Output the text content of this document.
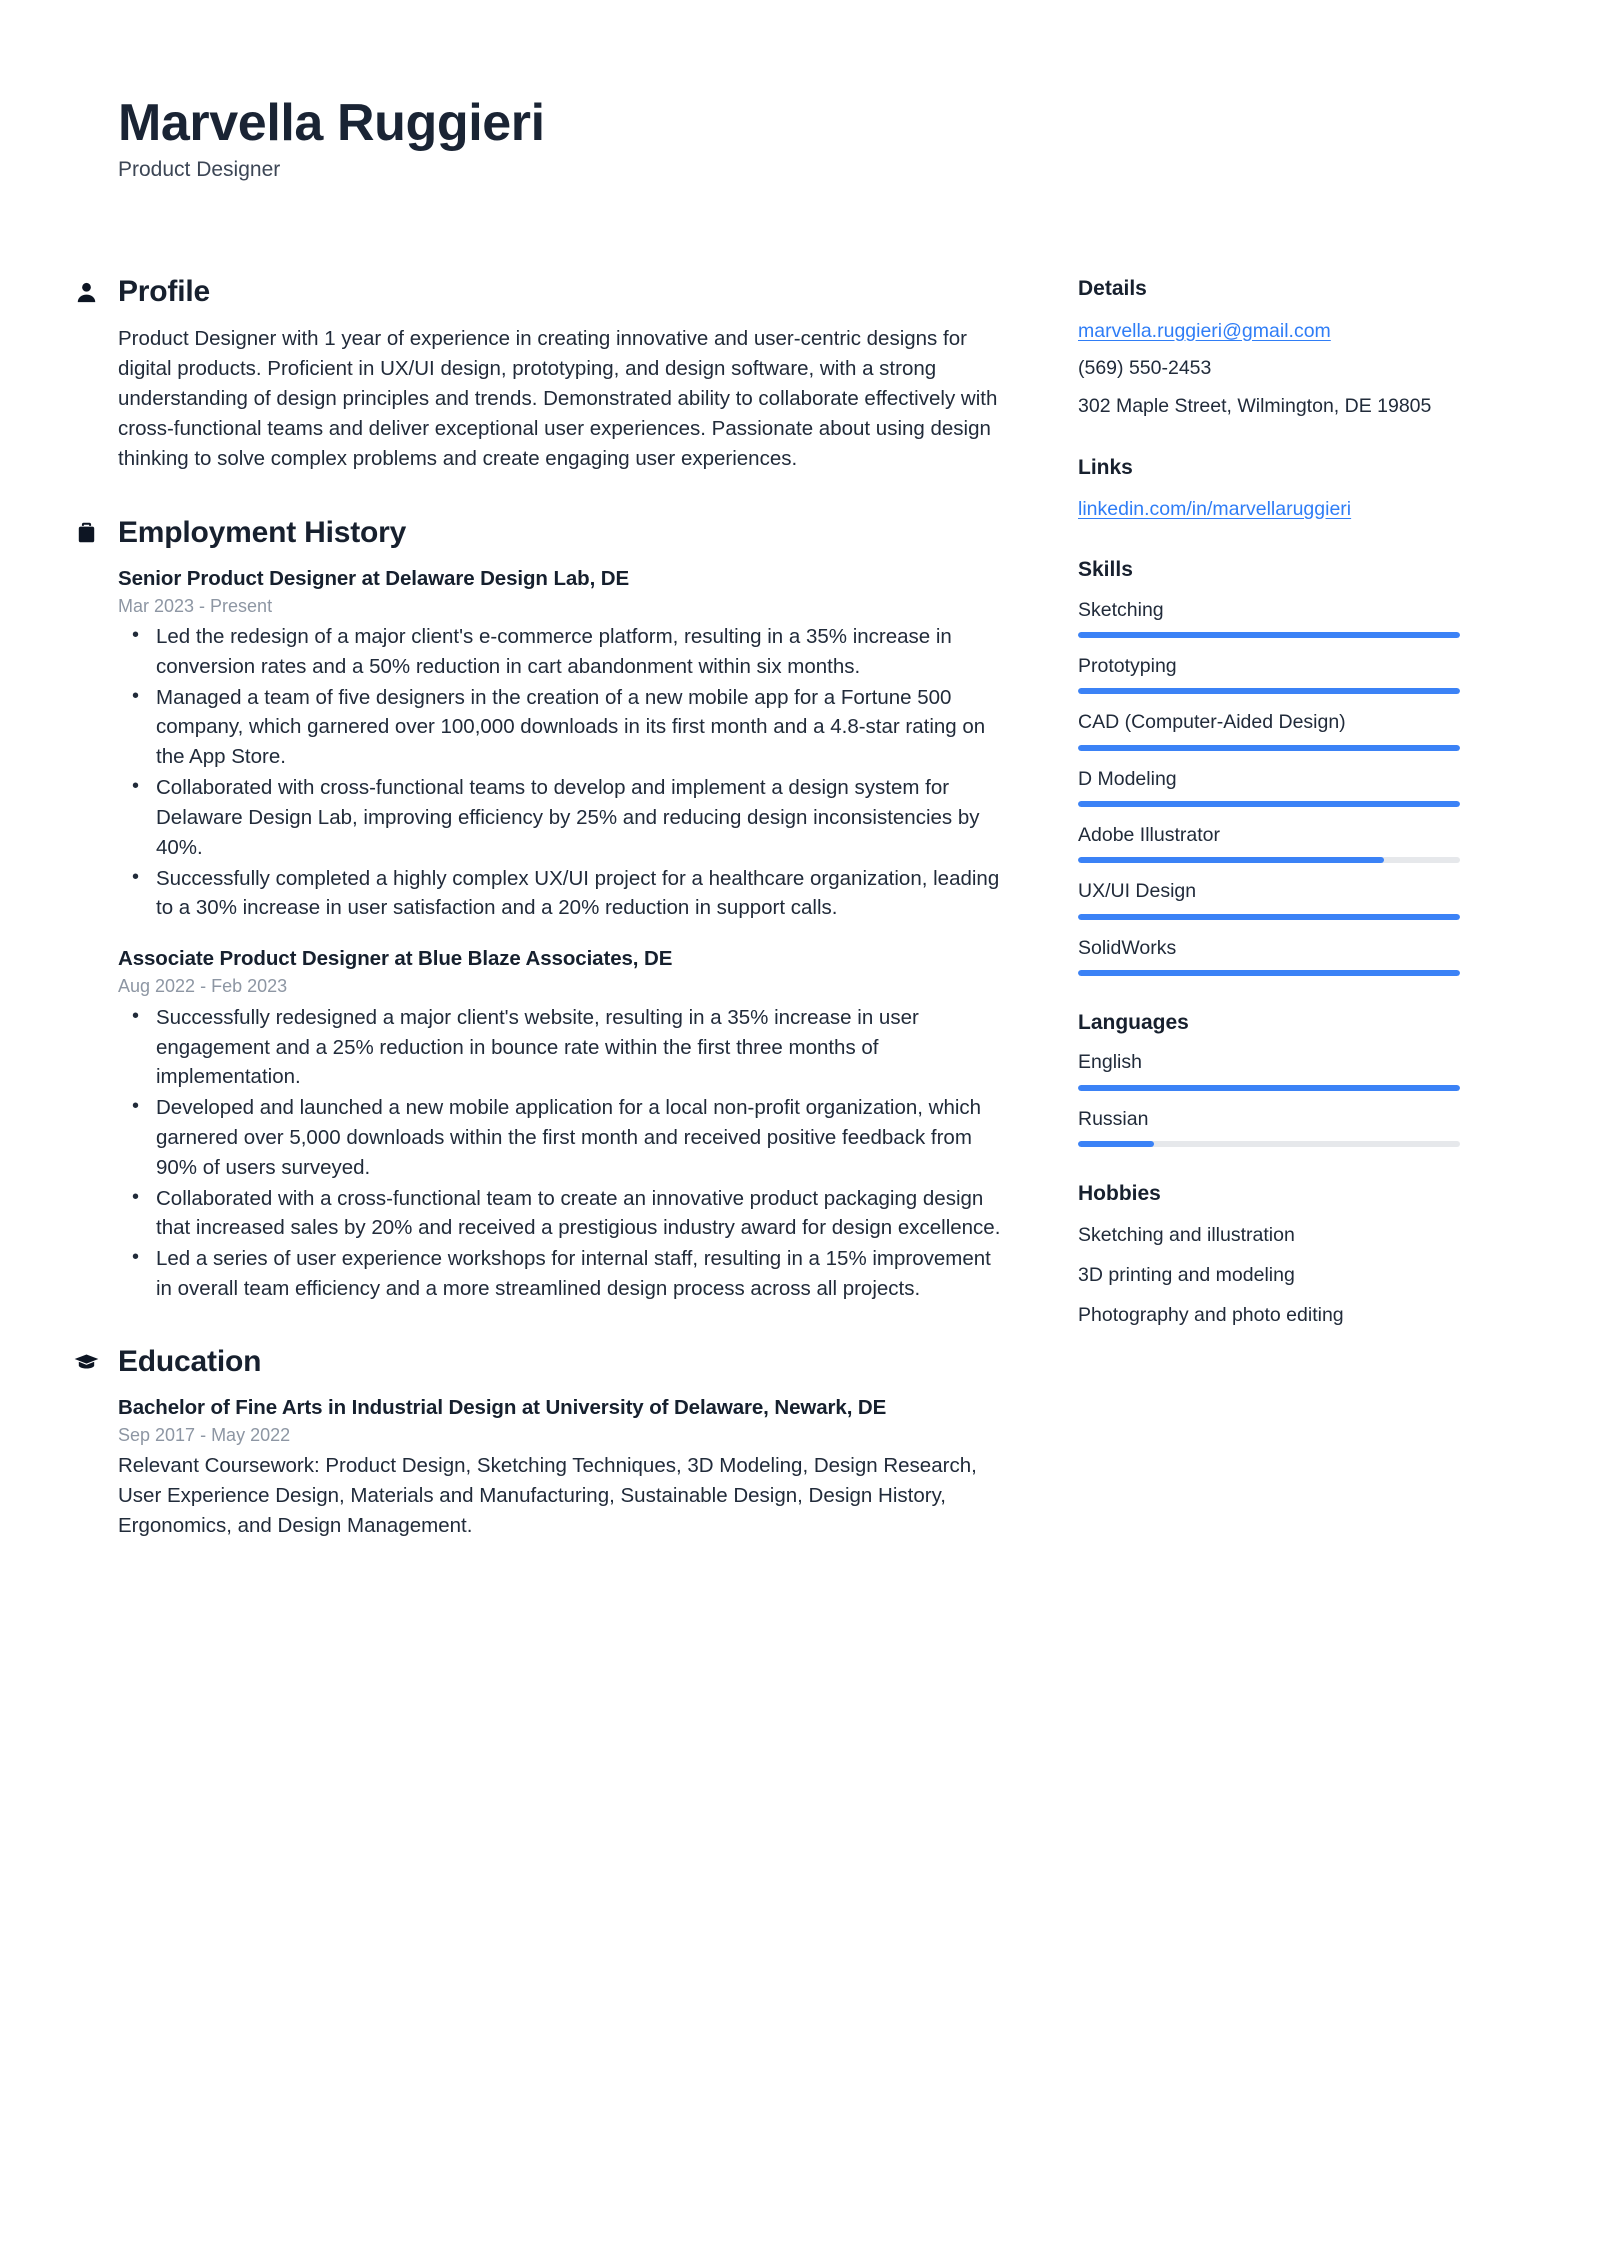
Marvella Ruggieri

Product Designer

Profile

Product Designer with 1 year of experience in creating innovative and user-centric designs for digital products. Proficient in UX/UI design, prototyping, and design software, with a strong understanding of design principles and trends. Demonstrated ability to collaborate effectively with cross-functional teams and deliver exceptional user experiences. Passionate about using design thinking to solve complex problems and create engaging user experiences.

Employment History

Senior Product Designer at Delaware Design Lab, DE

Mar 2023 - Present

• Led the redesign of a major client's e-commerce platform, resulting in a 35% increase in conversion rates and a 50% reduction in cart abandonment within six months.
• Managed a team of five designers in the creation of a new mobile app for a Fortune 500 company, which garnered over 100,000 downloads in its first month and a 4.8-star rating on the App Store.
• Collaborated with cross-functional teams to develop and implement a design system for Delaware Design Lab, improving efficiency by 25% and reducing design inconsistencies by 40%.
• Successfully completed a highly complex UX/UI project for a healthcare organization, leading to a 30% increase in user satisfaction and a 20% reduction in support calls.

Associate Product Designer at Blue Blaze Associates, DE

Aug 2022 - Feb 2023

• Successfully redesigned a major client's website, resulting in a 35% increase in user engagement and a 25% reduction in bounce rate within the first three months of implementation.
• Developed and launched a new mobile application for a local non-profit organization, which garnered over 5,000 downloads within the first month and received positive feedback from 90% of users surveyed.
• Collaborated with a cross-functional team to create an innovative product packaging design that increased sales by 20% and received a prestigious industry award for design excellence.
• Led a series of user experience workshops for internal staff, resulting in a 15% improvement in overall team efficiency and a more streamlined design process across all projects.
Education

Bachelor of Fine Arts in Industrial Design at University of Delaware, Newark, DE

Sep 2017 - May 2022

Relevant Coursework: Product Design, Sketching Techniques, 3D Modeling, Design Research, User Experience Design, Materials and Manufacturing, Sustainable Design, Design History, Ergonomics, and Design Management.

Details

marvella.ruggieri@gmail.com

(569) 550-2453

302 Maple Street, Wilmington, DE 19805

Links

linkedin.com/in/marvellaruggieri

Skills

Sketching

Prototyping

CAD (Computer-Aided Design)

D Modeling

Adobe Illustrator

UX/UI Design

SolidWorks

Languages

English

Russian

Hobbies

Sketching and illustration

3D printing and modeling

Photography and photo editing
